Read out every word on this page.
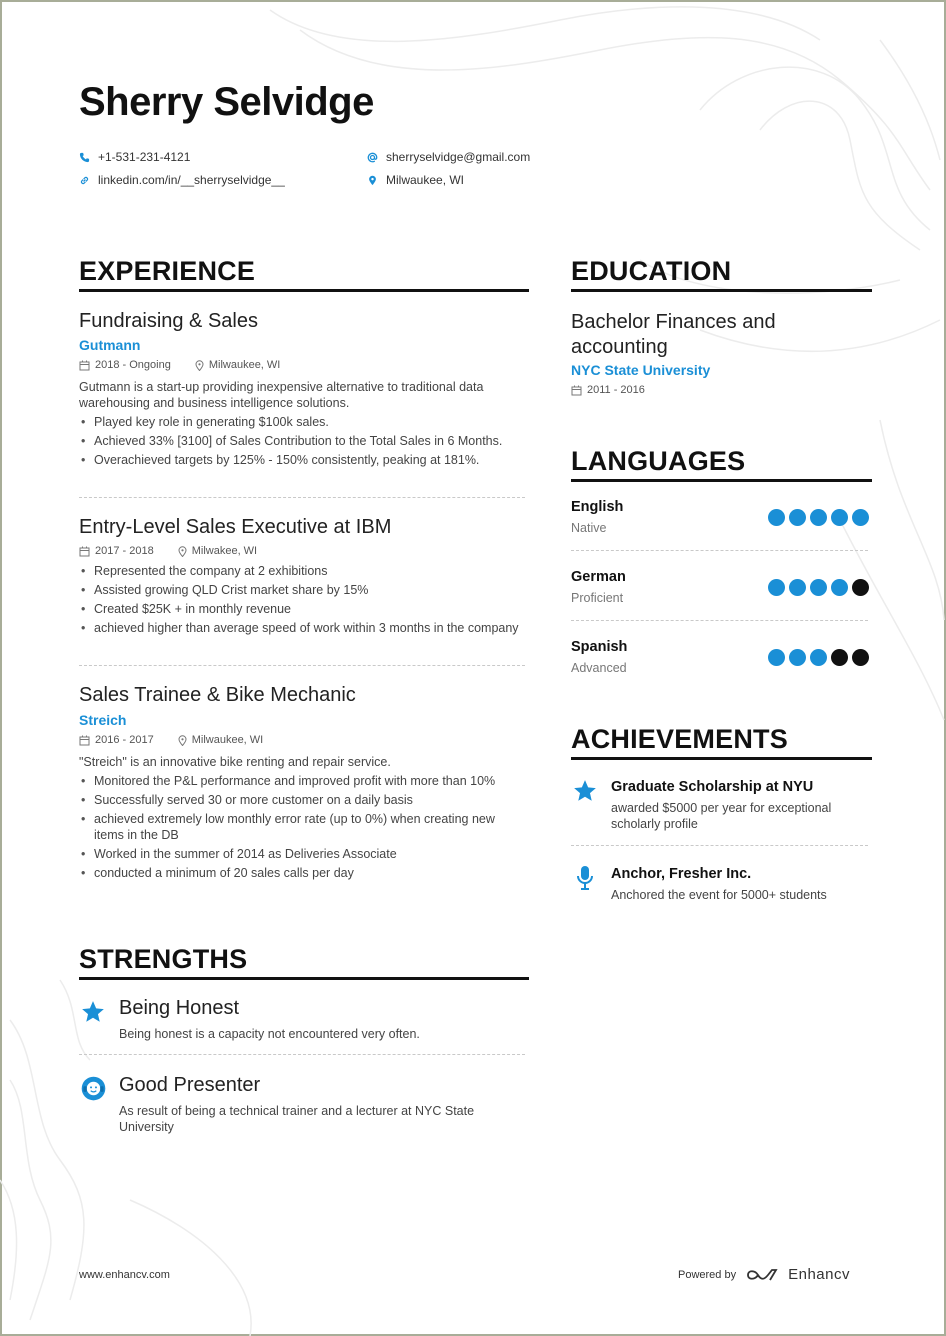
Sherry Selvidge
+1-531-231-4121	sherryselvidge@gmail.com
linkedin.com/in/__sherryselvidge__	Milwaukee, WI
EXPERIENCE
Fundraising & Sales
Gutmann
2018 - Ongoing	Milwaukee, WI
Gutmann is a start-up providing inexpensive alternative to traditional data warehousing and business intelligence solutions.
• Played key role in generating $100k sales.
• Achieved 33% [3100] of Sales Contribution to the Total Sales in 6 Months.
• Overachieved targets by 125% - 150% consistently, peaking at 181%.
Entry-Level Sales Executive at IBM
2017 - 2018	Milwakee, WI
• Represented the company at 2 exhibitions
• Assisted growing QLD Crist market share by 15%
• Created $25K + in monthly revenue
• achieved higher than average speed of work within 3 months in the company
Sales Trainee & Bike Mechanic
Streich
2016 - 2017	Milwaukee, WI
"Streich" is an innovative bike renting and repair service.
• Monitored the P&L performance and improved profit with more than 10%
• Successfully served 30 or more customer on a daily basis
• achieved extremely low monthly error rate (up to 0%) when creating new items in the DB
• Worked in the summer of 2014 as Deliveries Associate
• conducted a minimum of 20 sales calls per day
STRENGTHS
Being Honest
Being honest is a capacity not encountered very often.
Good Presenter
As result of being a technical trainer and a lecturer at NYC State University
EDUCATION
Bachelor Finances and accounting
NYC State University
2011 - 2016
LANGUAGES
English
Native
German
Proficient
Spanish
Advanced
ACHIEVEMENTS
Graduate Scholarship at NYU
awarded $5000 per year for exceptional scholarly profile
Anchor, Fresher Inc.
Anchored the event for 5000+ students
www.enhancv.com	Powered by	Enhancv
